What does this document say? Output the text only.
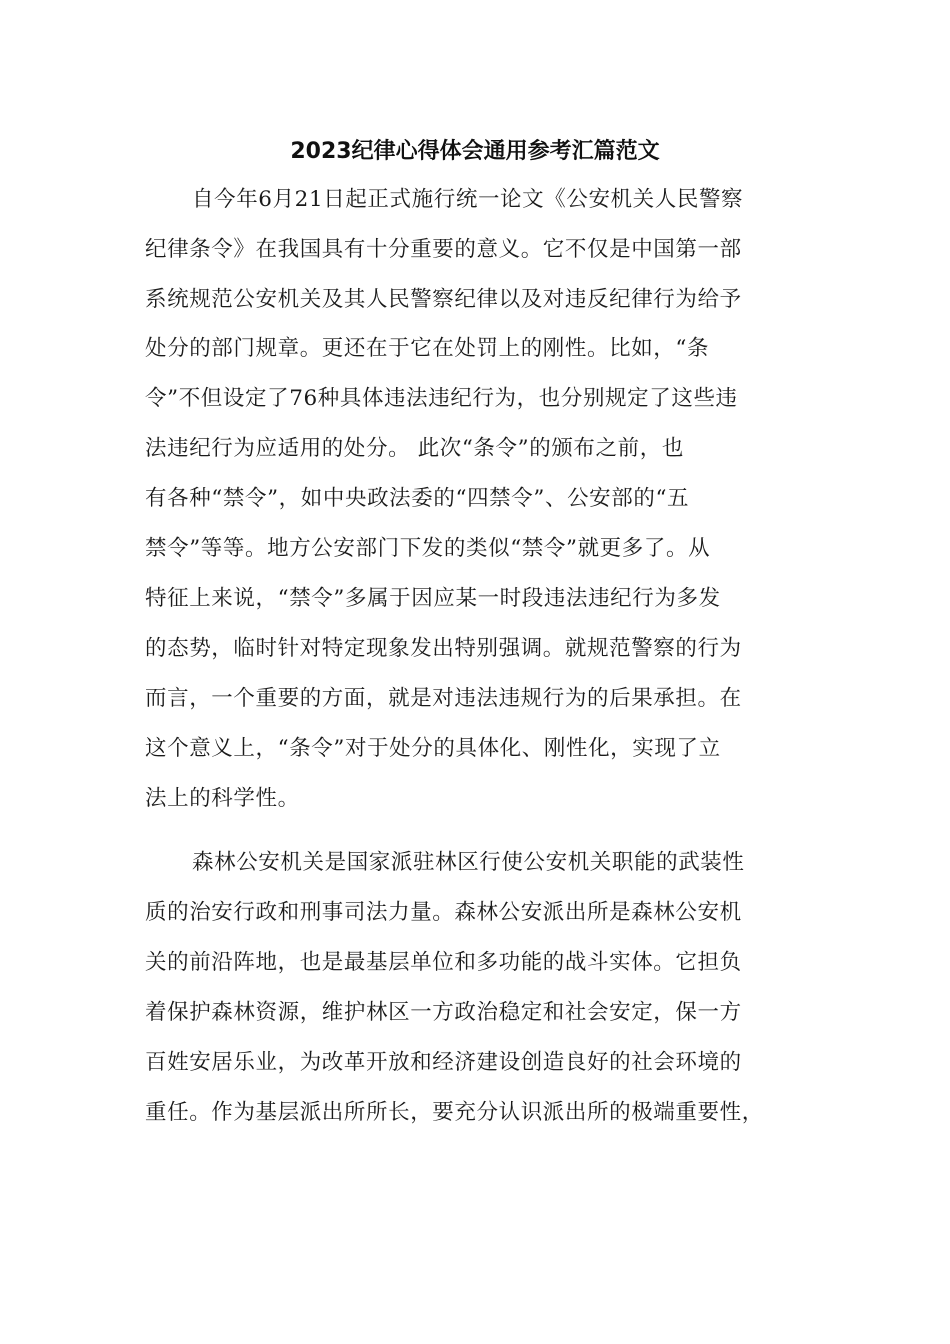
2023纪律心得体会通用参考汇篇范文

自今年6月21日起正式施行统一论文《公安机关人民警察

纪律条令》在我国具有十分重要的意义。它不仅是中国第一部

系统规范公安机关及其人民警察纪律以及对违反纪律行为给予

处分的部门规章。更还在于它在处罚上的刚性。比如，“条

令”不但设定了76种具体违法违纪行为，也分别规定了这些违

法违纪行为应适用的处分。 此次“条令”的颁布之前，也

有各种“禁令”，如中央政法委的“四禁令”、公安部的“五

禁令”等等。地方公安部门下发的类似“禁令”就更多了。从

特征上来说，“禁令”多属于因应某一时段违法违纪行为多发

的态势，临时针对特定现象发出特别强调。就规范警察的行为

而言，一个重要的方面，就是对违法违规行为的后果承担。在

这个意义上，“条令”对于处分的具体化、刚性化，实现了立

法上的科学性。

森林公安机关是国家派驻林区行使公安机关职能的武装性

质的治安行政和刑事司法力量。森林公安派出所是森林公安机

关的前沿阵地，也是最基层单位和多功能的战斗实体。它担负

着保护森林资源，维护林区一方政治稳定和社会安定，保一方

百姓安居乐业，为改革开放和经济建设创造良好的社会环境的

重任。作为基层派出所所长，要充分认识派出所的极端重要性，
